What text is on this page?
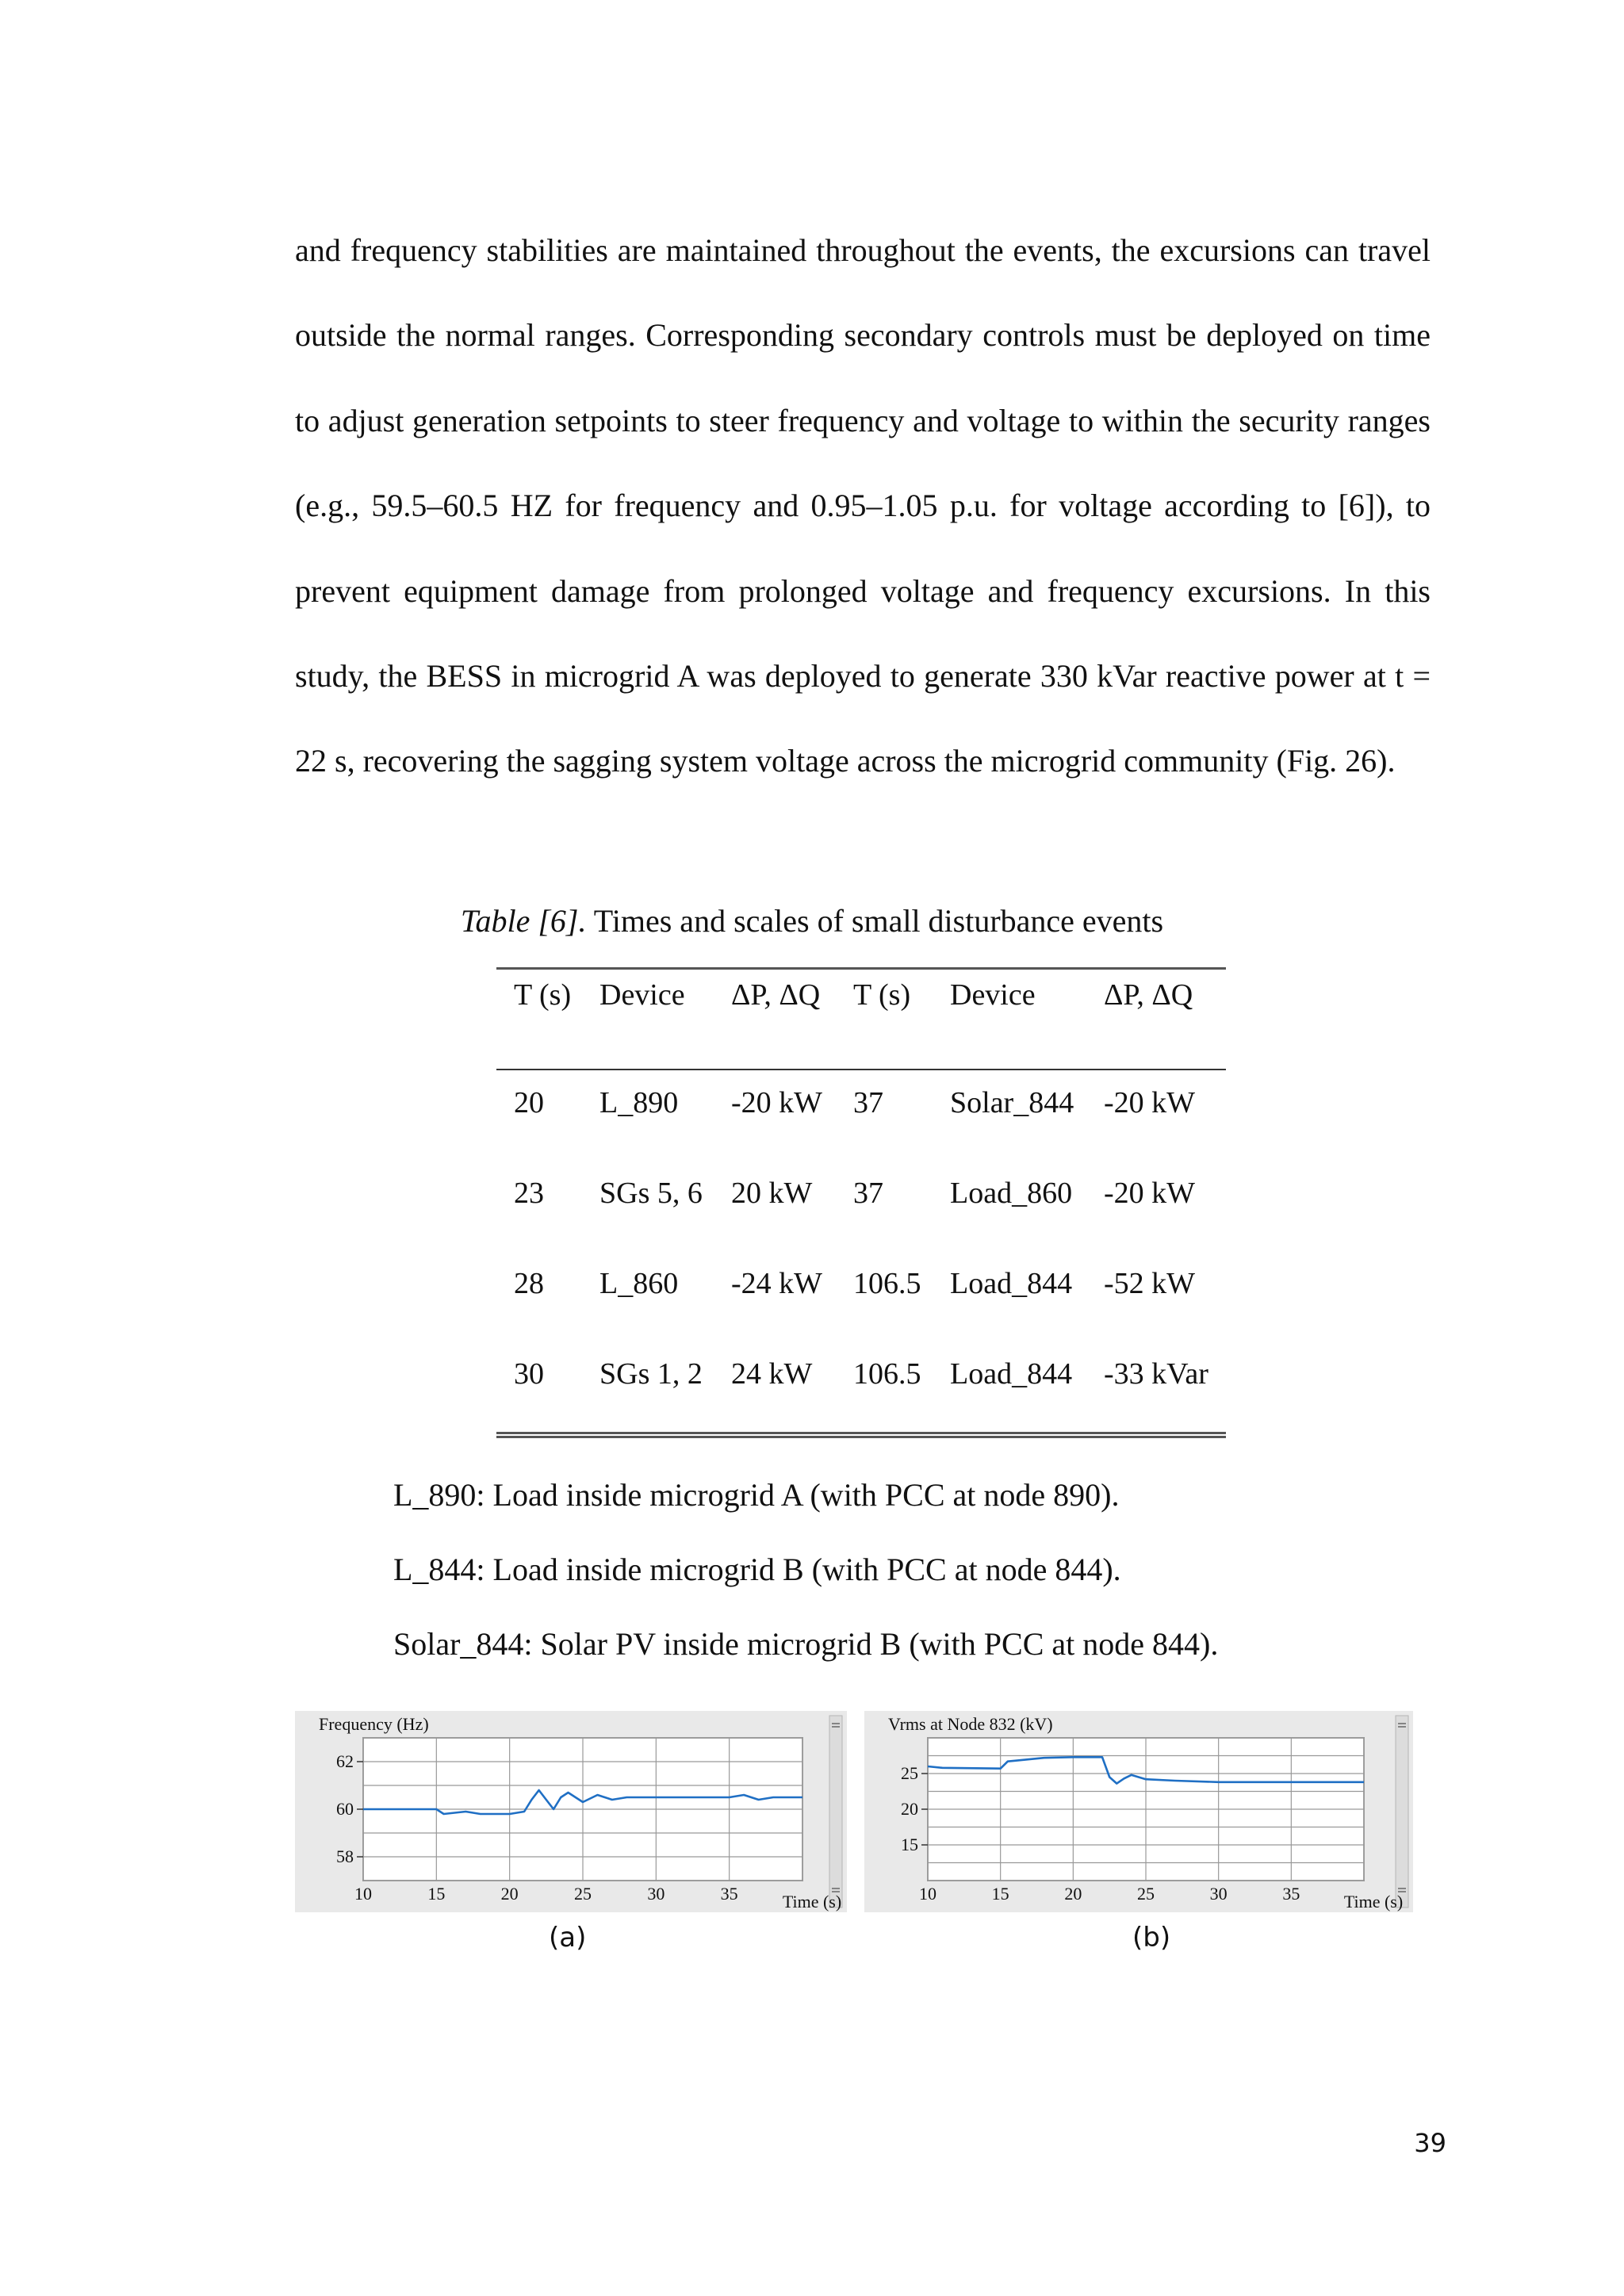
and frequency stabilities are maintained throughout the events, the excursions can travel outside the normal ranges. Corresponding secondary controls must be deployed on time to adjust generation setpoints to steer frequency and voltage to within the security ranges (e.g., 59.5–60.5 HZ for frequency and 0.95–1.05 p.u. for voltage according to [6]), to prevent equipment damage from prolonged voltage and frequency excursions. In this study, the BESS in microgrid A was deployed to generate 330 kVar reactive power at t = 22 s, recovering the sagging system voltage across the microgrid community (Fig. 26).

Table [6]. Times and scales of small disturbance events
T (s) Device ΔP, ΔQ T (s) Device ΔP, ΔQ
20 L_890 -20 kW 37 Solar_844 -20 kW
23 SGs 5, 6 20 kW 37 Load_860 -20 kW
28 L_860 -24 kW 106.5 Load_844 -52 kW
30 SGs 1, 2 24 kW 106.5 Load_844 -33 kVar
L_890: Load inside microgrid A (with PCC at node 890).
L_844: Load inside microgrid B (with PCC at node 844).
Solar_844: Solar PV inside microgrid B (with PCC at node 844).
10	15	20	25	30	35
62
60
58
Frequency (Hz)
Time (s)
(a)
10	15	20	25	30	35
25
20
15
Vrms at Node 832 (kV)
Time (s)
(b)
39
